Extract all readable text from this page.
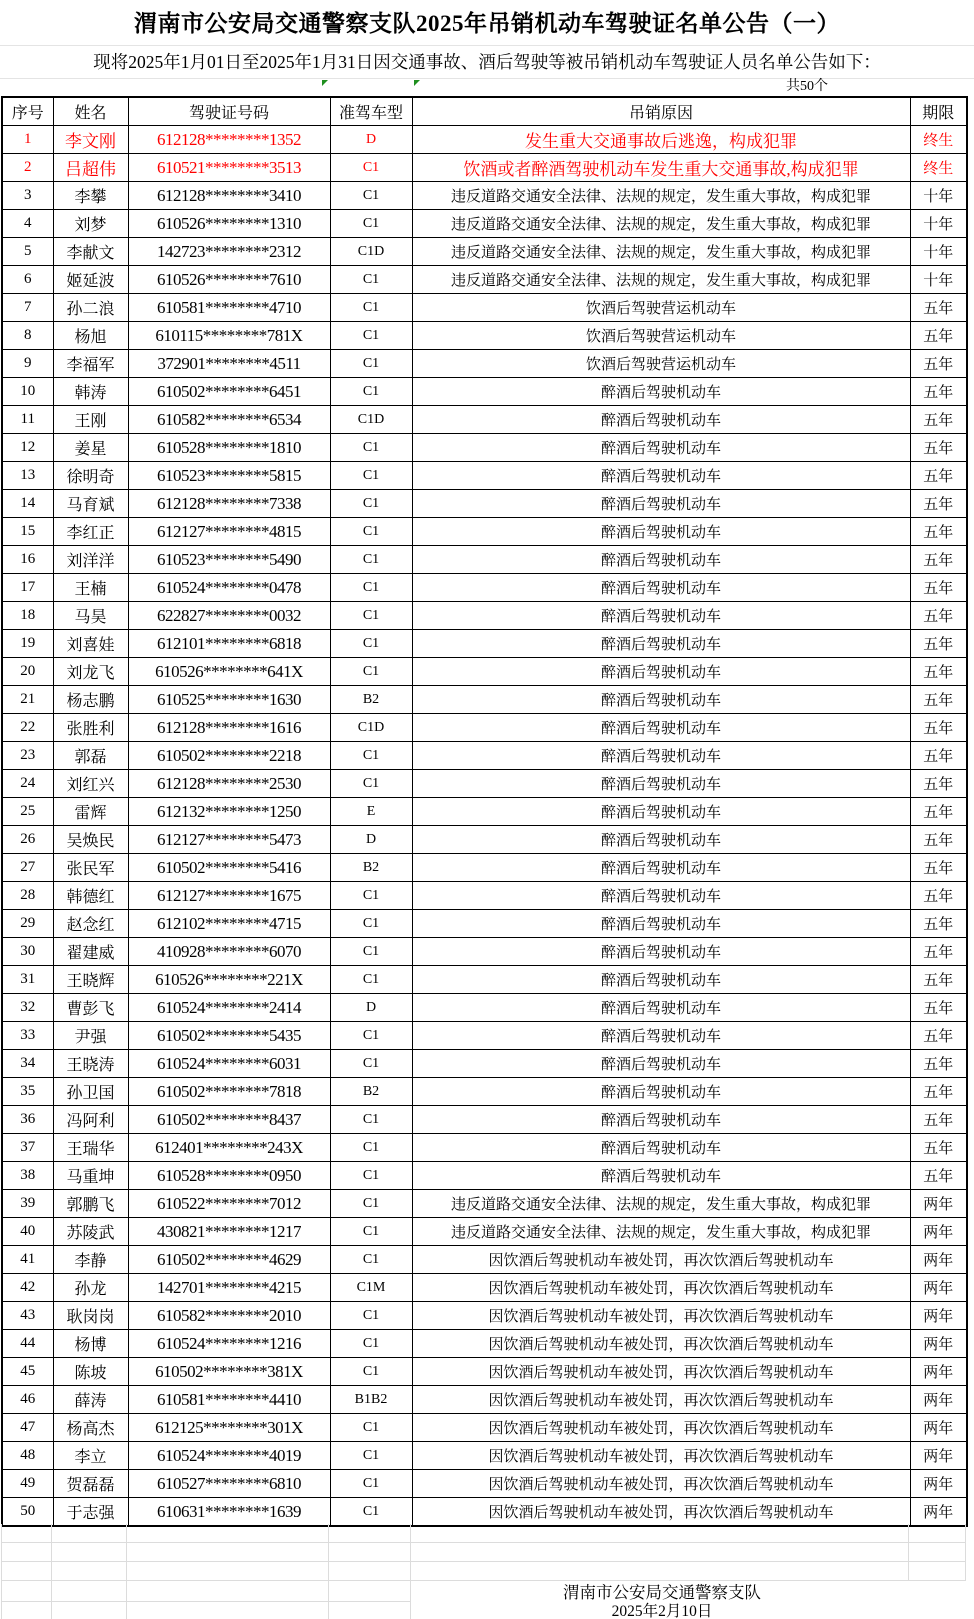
渭南市公安局交通警察支队2025年吊销机动车驾驶证名单公告（一）
现将2025年1月01日至2025年1月31日因交通事故、酒后驾驶等被吊销机动车驾驶证人员名单公告如下：
共50个
序号	姓名	驾驶证号码	准驾车型	吊销原因	期限
1	李文刚	612128********1352	D	发生重大交通事故后逃逸，构成犯罪	终生
2	吕超伟	610521********3513	C1	饮酒或者醉酒驾驶机动车发生重大交通事故,构成犯罪	终生
3	李攀	612128********3410	C1	违反道路交通安全法律、法规的规定，发生重大事故，构成犯罪	十年
4	刘梦	610526********1310	C1	违反道路交通安全法律、法规的规定，发生重大事故，构成犯罪	十年
5	李献文	142723********2312	C1D	违反道路交通安全法律、法规的规定，发生重大事故，构成犯罪	十年
6	姬延波	610526********7610	C1	违反道路交通安全法律、法规的规定，发生重大事故，构成犯罪	十年
7	孙二浪	610581********4710	C1	饮酒后驾驶营运机动车	五年
8	杨旭	610115********781X	C1	饮酒后驾驶营运机动车	五年
9	李福军	372901********4511	C1	饮酒后驾驶营运机动车	五年
10	韩涛	610502********6451	C1	醉酒后驾驶机动车	五年
11	王刚	610582********6534	C1D	醉酒后驾驶机动车	五年
12	姜星	610528********1810	C1	醉酒后驾驶机动车	五年
13	徐明奇	610523********5815	C1	醉酒后驾驶机动车	五年
14	马育斌	612128********7338	C1	醉酒后驾驶机动车	五年
15	李红正	612127********4815	C1	醉酒后驾驶机动车	五年
16	刘洋洋	610523********5490	C1	醉酒后驾驶机动车	五年
17	王楠	610524********0478	C1	醉酒后驾驶机动车	五年
18	马昊	622827********0032	C1	醉酒后驾驶机动车	五年
19	刘喜娃	612101********6818	C1	醉酒后驾驶机动车	五年
20	刘龙飞	610526********641X	C1	醉酒后驾驶机动车	五年
21	杨志鹏	610525********1630	B2	醉酒后驾驶机动车	五年
22	张胜利	612128********1616	C1D	醉酒后驾驶机动车	五年
23	郭磊	610502********2218	C1	醉酒后驾驶机动车	五年
24	刘红兴	612128********2530	C1	醉酒后驾驶机动车	五年
25	雷辉	612132********1250	E	醉酒后驾驶机动车	五年
26	吴焕民	612127********5473	D	醉酒后驾驶机动车	五年
27	张民军	610502********5416	B2	醉酒后驾驶机动车	五年
28	韩德红	612127********1675	C1	醉酒后驾驶机动车	五年
29	赵念红	612102********4715	C1	醉酒后驾驶机动车	五年
30	翟建威	410928********6070	C1	醉酒后驾驶机动车	五年
31	王晓辉	610526********221X	C1	醉酒后驾驶机动车	五年
32	曹彭飞	610524********2414	D	醉酒后驾驶机动车	五年
33	尹强	610502********5435	C1	醉酒后驾驶机动车	五年
34	王晓涛	610524********6031	C1	醉酒后驾驶机动车	五年
35	孙卫国	610502********7818	B2	醉酒后驾驶机动车	五年
36	冯阿利	610502********8437	C1	醉酒后驾驶机动车	五年
37	王瑞华	612401********243X	C1	醉酒后驾驶机动车	五年
38	马重坤	610528********0950	C1	醉酒后驾驶机动车	五年
39	郭鹏飞	610522********7012	C1	违反道路交通安全法律、法规的规定，发生重大事故，构成犯罪	两年
40	苏陵武	430821********1217	C1	违反道路交通安全法律、法规的规定，发生重大事故，构成犯罪	两年
41	李静	610502********4629	C1	因饮酒后驾驶机动车被处罚，再次饮酒后驾驶机动车	两年
42	孙龙	142701********4215	C1M	因饮酒后驾驶机动车被处罚，再次饮酒后驾驶机动车	两年
43	耿岗岗	610582********2010	C1	因饮酒后驾驶机动车被处罚，再次饮酒后驾驶机动车	两年
44	杨博	610524********1216	C1	因饮酒后驾驶机动车被处罚，再次饮酒后驾驶机动车	两年
45	陈坡	610502********381X	C1	因饮酒后驾驶机动车被处罚，再次饮酒后驾驶机动车	两年
46	薛涛	610581********4410	B1B2	因饮酒后驾驶机动车被处罚，再次饮酒后驾驶机动车	两年
47	杨高杰	612125********301X	C1	因饮酒后驾驶机动车被处罚，再次饮酒后驾驶机动车	两年
48	李立	610524********4019	C1	因饮酒后驾驶机动车被处罚，再次饮酒后驾驶机动车	两年
49	贺磊磊	610527********6810	C1	因饮酒后驾驶机动车被处罚，再次饮酒后驾驶机动车	两年
50	于志强	610631********1639	C1	因饮酒后驾驶机动车被处罚，再次饮酒后驾驶机动车	两年
渭南市公安局交通警察支队
2025年2月10日
